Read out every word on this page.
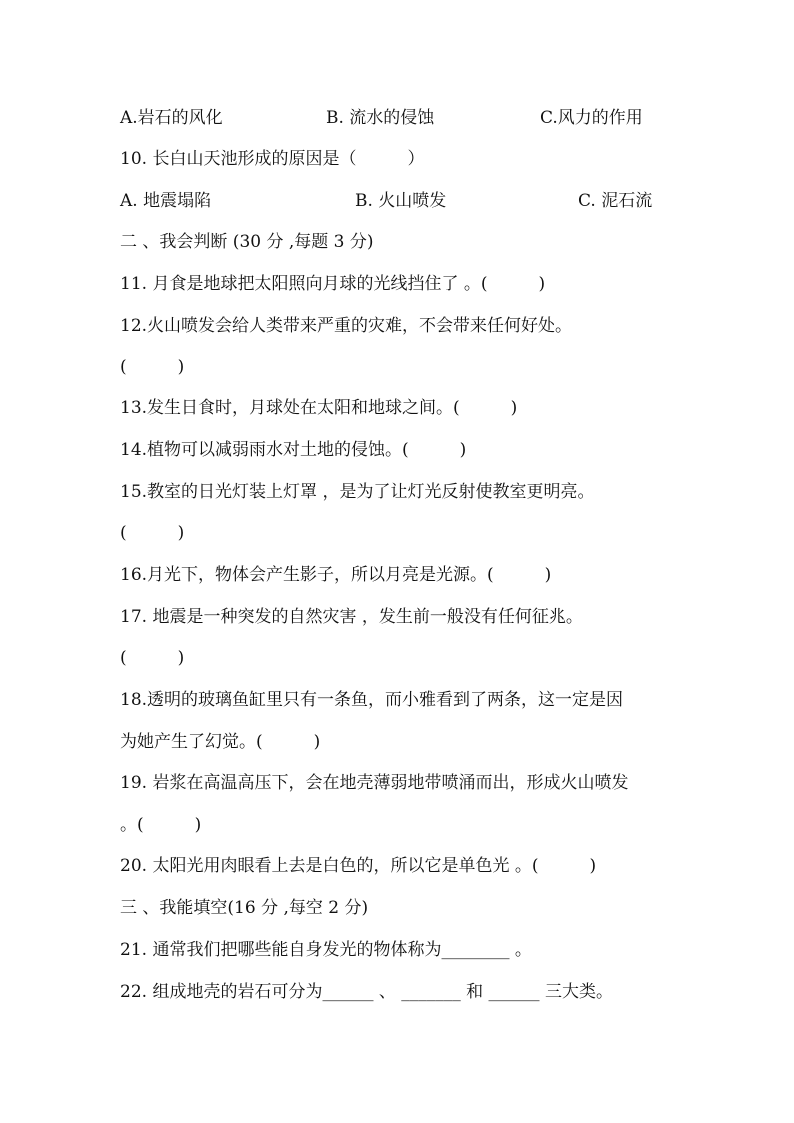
A.岩石的风化	B. 流水的侵蚀	C.风力的作用
10. 长白山天池形成的原因是（　　　）
A. 地震塌陷	B. 火山喷发	C. 泥石流
二 、我会判断 (30 分 ,每题 3 分)
11. 月食是地球把太阳照向月球的光线挡住了 。(　　　)
12.火山喷发会给人类带来严重的灾难，不会带来任何好处。
(　　　)
13.发生日食时，月球处在太阳和地球之间。(　　　)
14.植物可以减弱雨水对土地的侵蚀。(　　　)
15.教室的日光灯装上灯罩 ，是为了让灯光反射使教室更明亮。
(　　　)
16.月光下，物体会产生影子，所以月亮是光源。(　　　)
17. 地震是一种突发的自然灾害 ，发生前一般没有任何征兆。
(　　　)
18.透明的玻璃鱼缸里只有一条鱼，而小雅看到了两条，这一定是因
为她产生了幻觉。(　　　)
19. 岩浆在高温高压下，会在地壳薄弱地带喷涌而出，形成火山喷发
。(　　　)
20. 太阳光用肉眼看上去是白色的，所以它是单色光 。(　　　)
三 、我能填空(16 分 ,每空 2 分)
21. 通常我们把哪些能自身发光的物体称为________ 。
22. 组成地壳的岩石可分为______ 、 _______ 和 ______ 三大类。
